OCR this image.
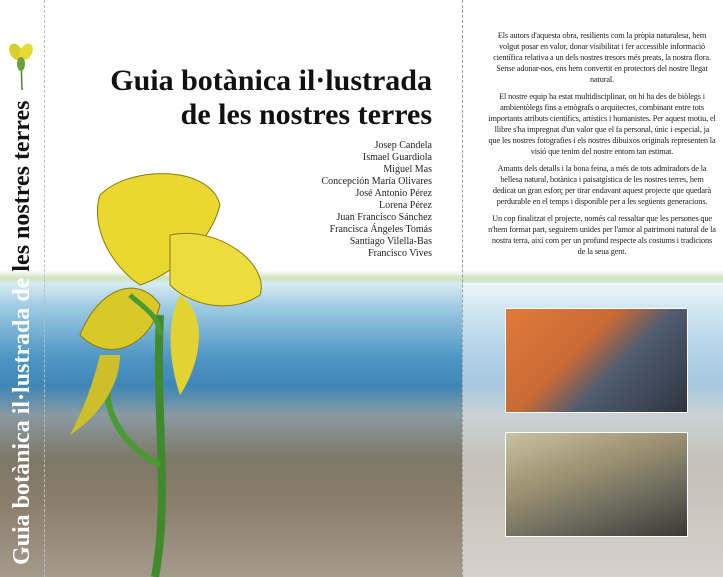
Guia botànica il·lustrada de les nostres terres
Guia botànica il·lustrada
de les nostres terres
Josep Candela
Ismael Guardiola
Miguel Mas
Concepción María Olivares
José Antonio Pérez
Lorena Pérez
Juan Francisco Sánchez
Francisca Ángeles Tomás
Santiago Vilella-Bas
Francisco Vives

Els autors d'aquesta obra, resilients com la pròpia naturalesa, hem volgut posar en valor, donar visibilitat i fer accessible informació científica relativa a un dels nostres tresors més preats, la nostra flora. Sense adonar-nos, ens hem convertit en protectors del nostre llegat natural.

El nostre equip ha estat multidisciplinar, on hi ha des de biòlegs i ambientòlegs fins a etnògrafs o arquitectes, combinant entre tots importants atributs científics, artístics i humanistes. Per aquest motiu, el llibre s'ha impregnat d'un valor que el fa personal, únic i especial, ja que les nostres fotografies i els nostres dibuixos originals representen la visió que tenim del nostre entorn tan estimat.

Amants dels detalls i la bona feina, a més de tots admiradors de la bellesa natural, botànica i paisatgística de les nostres terres, hem dedicat un gran esforç per tirar endavant aquest projecte que quedarà perdurable en el temps i disponible per a les següents generacions.

Un cop finalitzat el projecte, només cal ressaltar que les persones que n'hem format part, seguirem unides per l'amor al patrimoni natural de la nostra terra, així com per un profund respecte als costums i tradicions de la seua gent.
